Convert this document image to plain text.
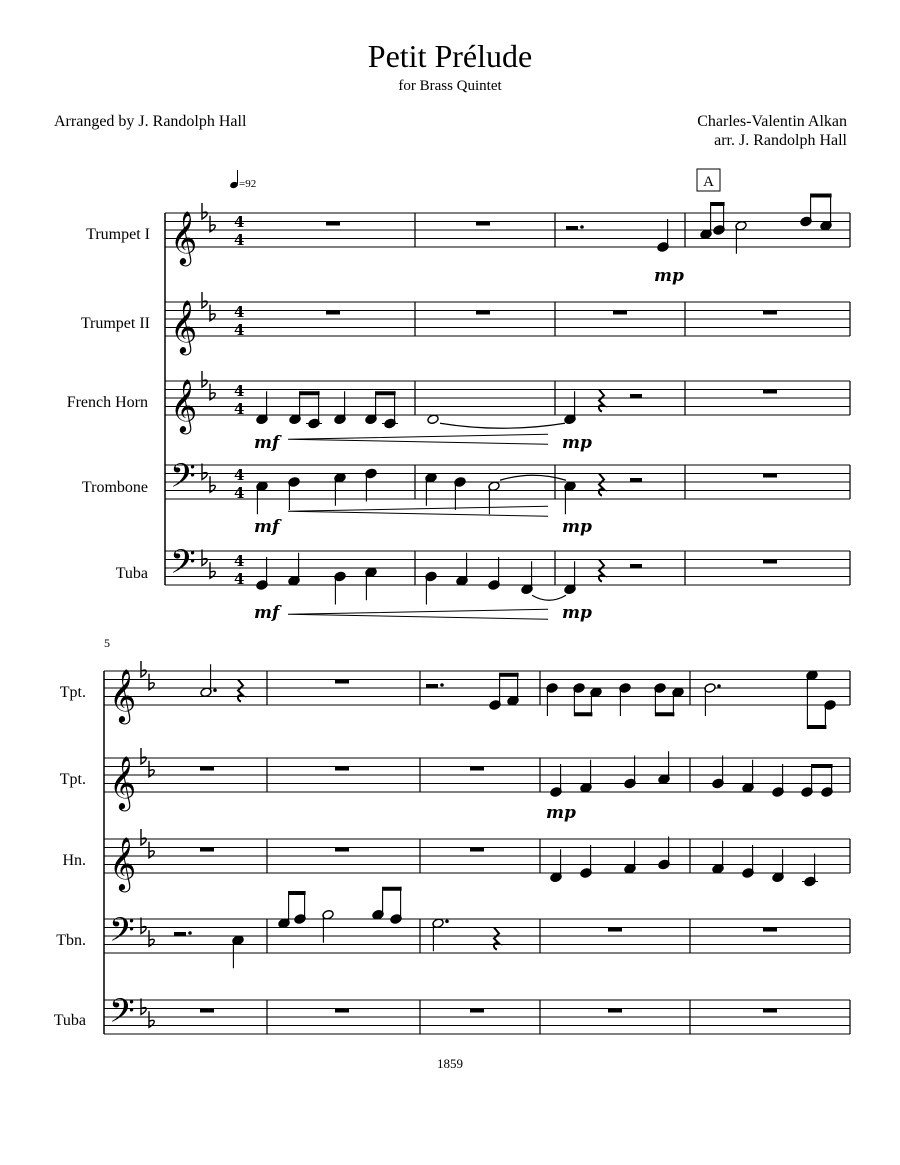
Petit Prélude
for Brass Quintet
Arranged by J. Randolph Hall	Charles-Valentin Alkan
arr. J. Randolph Hall
𝄞
𝄞
𝄞
𝄢
𝄢
𝄞
𝄞
𝄞
𝄢
𝄢
Trumpet I
Trumpet II
French Horn
Trombone
Tuba
Tpt.
Tpt.
Hn.
Tbn.
Tuba
4
4
4
4
4
4
4
4
4
4
=92	A
5
mp
mf	mp
mf	mp
mf	mp
mp
1859
